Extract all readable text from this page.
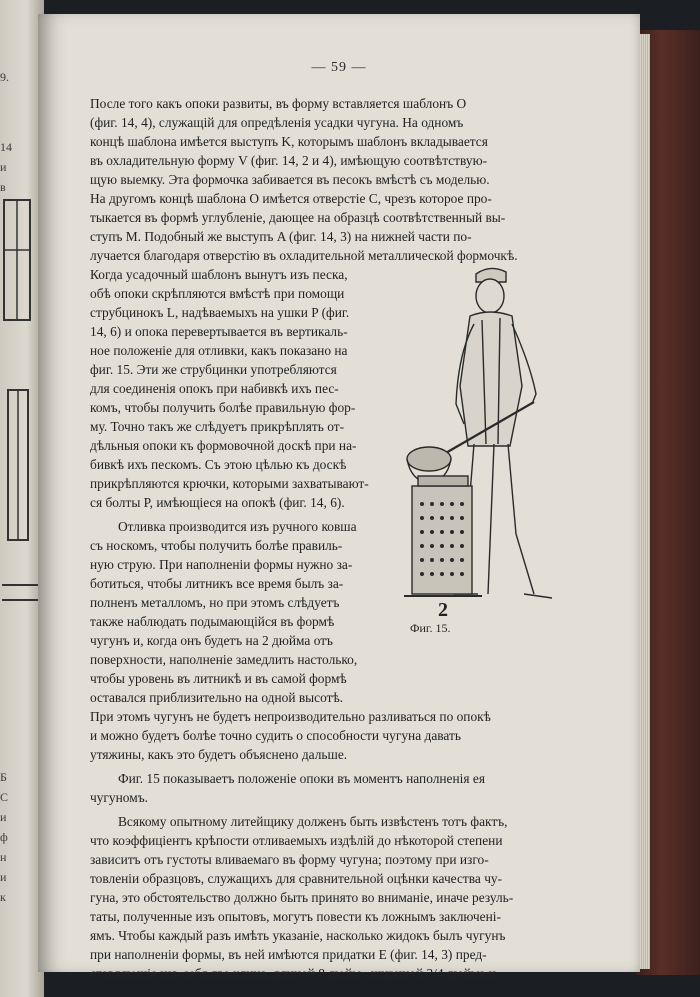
9.
14
и
в
Б
С
и
ф
н
и
к
— 59 —
После того какъ опоки развиты, въ форму вставляется шаблонъ O
(фиг. 14, 4), служащій для опредѣленія усадки чугуна. На одномъ
концѣ шаблона имѣется выступъ K, которымъ шаблонъ вкладывается
въ охладительную форму V (фиг. 14, 2 и 4), имѣющую соотвѣтствую-
щую выемку. Эта формочка забивается въ песокъ вмѣстѣ съ моделью.
На другомъ концѣ шаблона O имѣется отверстіе C, чрезъ которое про-
тыкается въ формѣ углубленіе, дающее на образцѣ соотвѣтственный вы-
ступъ M. Подобный же выступъ A (фиг. 14, 3) на нижней части по-
лучается благодаря отверстію въ охладительной металлической формочкѣ.
Когда усадочный шаблонъ вынутъ изъ песка,
обѣ опоки скрѣпляются вмѣстѣ при помощи
струбцинокъ L, надѣваемыхъ на ушки P (фиг.
14, 6) и опока перевертывается въ вертикаль-
ное положеніе для отливки, какъ показано на
фиг. 15. Эти же струбцинки употребляются
для соединенія опокъ при набивкѣ ихъ пес-
комъ, чтобы получить болѣе правильную фор-
му. Точно такъ же слѣдуетъ прикрѣплять от-
дѣльныя опоки къ формовочной доскѣ при на-
бивкѣ ихъ пескомъ. Съ этою цѣлью къ доскѣ
прикрѣпляются крючки, которыми захватывают-
ся болты P, имѣющіеся на опокѣ (фиг. 14, 6).
Отливка производится изъ ручного ковша
съ носкомъ, чтобы получить болѣе правиль-
ную струю. При наполненіи формы нужно за-
ботиться, чтобы литникъ все время былъ за-
полненъ металломъ, но при этомъ слѣдуетъ
также наблюдать подымающійся въ формѣ
чугунъ и, когда онъ будетъ на 2 дюйма отъ
поверхности, наполненіе замедлить настолько,
чтобы уровень въ литникѣ и въ самой формѣ
оставался приблизительно на одной высотѣ.
При этомъ чугунъ не будетъ непроизводительно разливаться по опокѣ
и можно будетъ болѣе точно судить о способности чугуна давать
утяжины, какъ это будетъ объяснено дальше.
Фиг. 15 показываетъ положеніе опоки въ моментъ наполненія ея
чугуномъ.
Всякому опытному литейщику долженъ быть извѣстенъ тотъ фактъ,
что коэффиціентъ крѣпости отливаемыхъ издѣлій до нѣкоторой степени
зависитъ отъ густоты вливаемаго въ форму чугуна; поэтому при изго-
товленіи образцовъ, служащихъ для сравнительной оцѣнки качества чу-
гуна, это обстоятельство должно быть принято во вниманіе, иначе резуль-
таты, полученные изъ опытовъ, могутъ повести къ ложнымъ заключені-
ямъ. Чтобы каждый разъ имѣть указаніе, насколько жидокъ былъ чугунъ
при наполненіи формы, въ ней имѣются придатки E (фиг. 14, 3) пред-
ставляющіе изъ себя два клина, длиной 8 дюйм., шириной 3/4 дюйма и
2
Фиг. 15.
